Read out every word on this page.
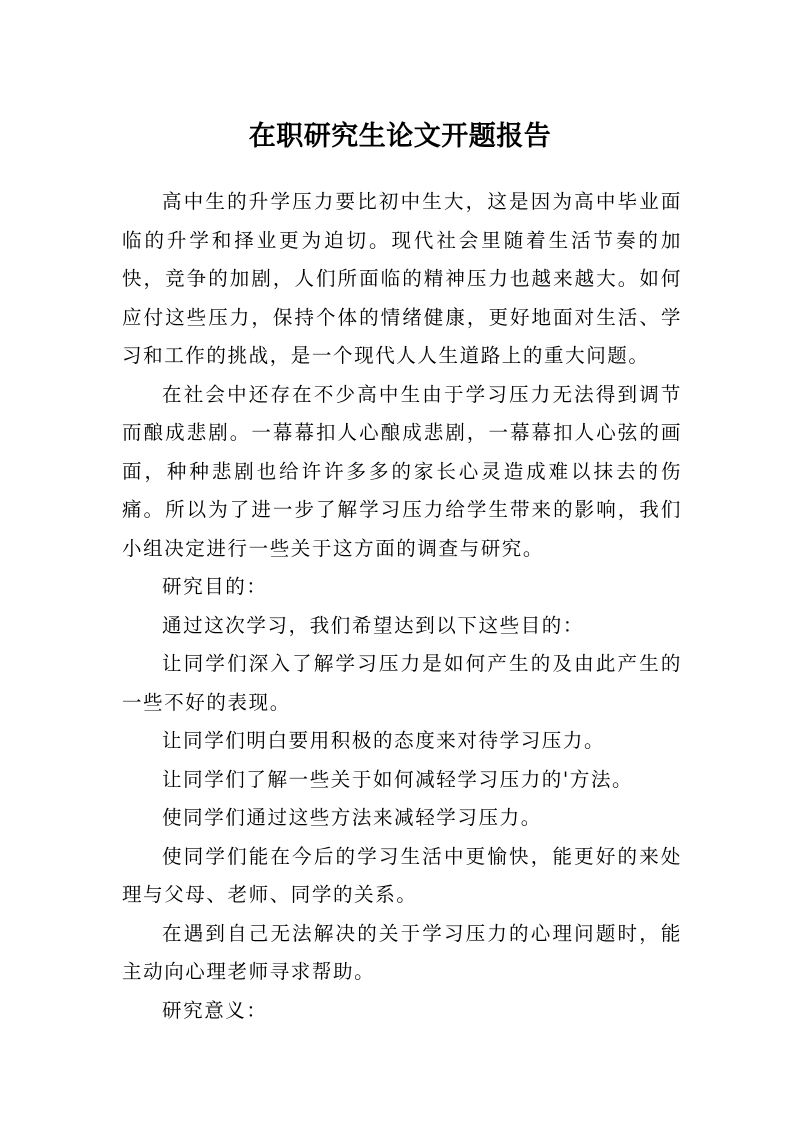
在职研究生论文开题报告

高中生的升学压力要比初中生大，这是因为高中毕业面临的升学和择业更为迫切。现代社会里随着生活节奏的加快，竞争的加剧，人们所面临的精神压力也越来越大。如何应付这些压力，保持个体的情绪健康，更好地面对生活、学习和工作的挑战，是一个现代人人生道路上的重大问题。

在社会中还存在不少高中生由于学习压力无法得到调节而酿成悲剧。一幕幕扣人心酿成悲剧，一幕幕扣人心弦的画面，种种悲剧也给许许多多的家长心灵造成难以抹去的伤痛。所以为了进一步了解学习压力给学生带来的影响，我们小组决定进行一些关于这方面的调查与研究。

研究目的：

通过这次学习，我们希望达到以下这些目的：

让同学们深入了解学习压力是如何产生的及由此产生的一些不好的表现。

让同学们明白要用积极的态度来对待学习压力。

让同学们了解一些关于如何减轻学习压力的'方法。

使同学们通过这些方法来减轻学习压力。

使同学们能在今后的学习生活中更愉快，能更好的来处理与父母、老师、同学的关系。

在遇到自己无法解决的关于学习压力的心理问题时，能主动向心理老师寻求帮助。

研究意义：
